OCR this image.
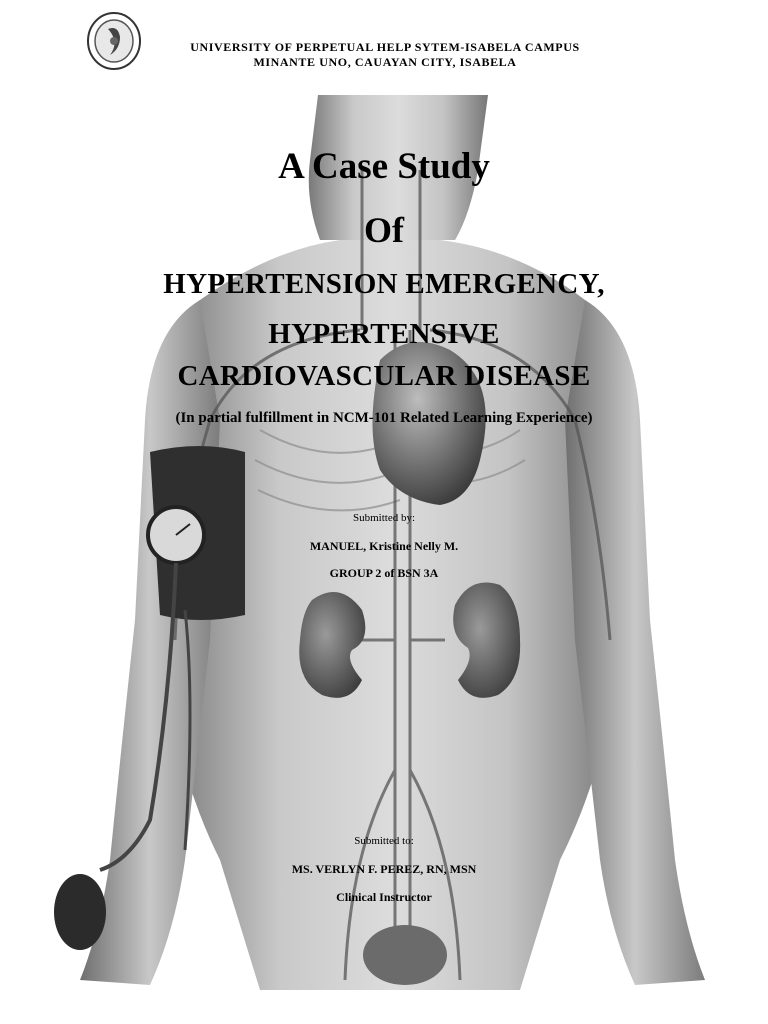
UNIVERSITY OF PERPETUAL HELP SYTEM-ISABELA CAMPUS
MINANTE UNO, CAUAYAN CITY, ISABELA
A Case Study
Of
HYPERTENSION EMERGENCY,
HYPERTENSIVE
CARDIOVASCULAR DISEASE
(In partial fulfillment in NCM-101 Related Learning Experience)
Submitted by:
MANUEL, Kristine Nelly M.
GROUP 2 of BSN 3A
Submitted to:
MS. VERLYN F. PEREZ, RN, MSN
Clinical Instructor
